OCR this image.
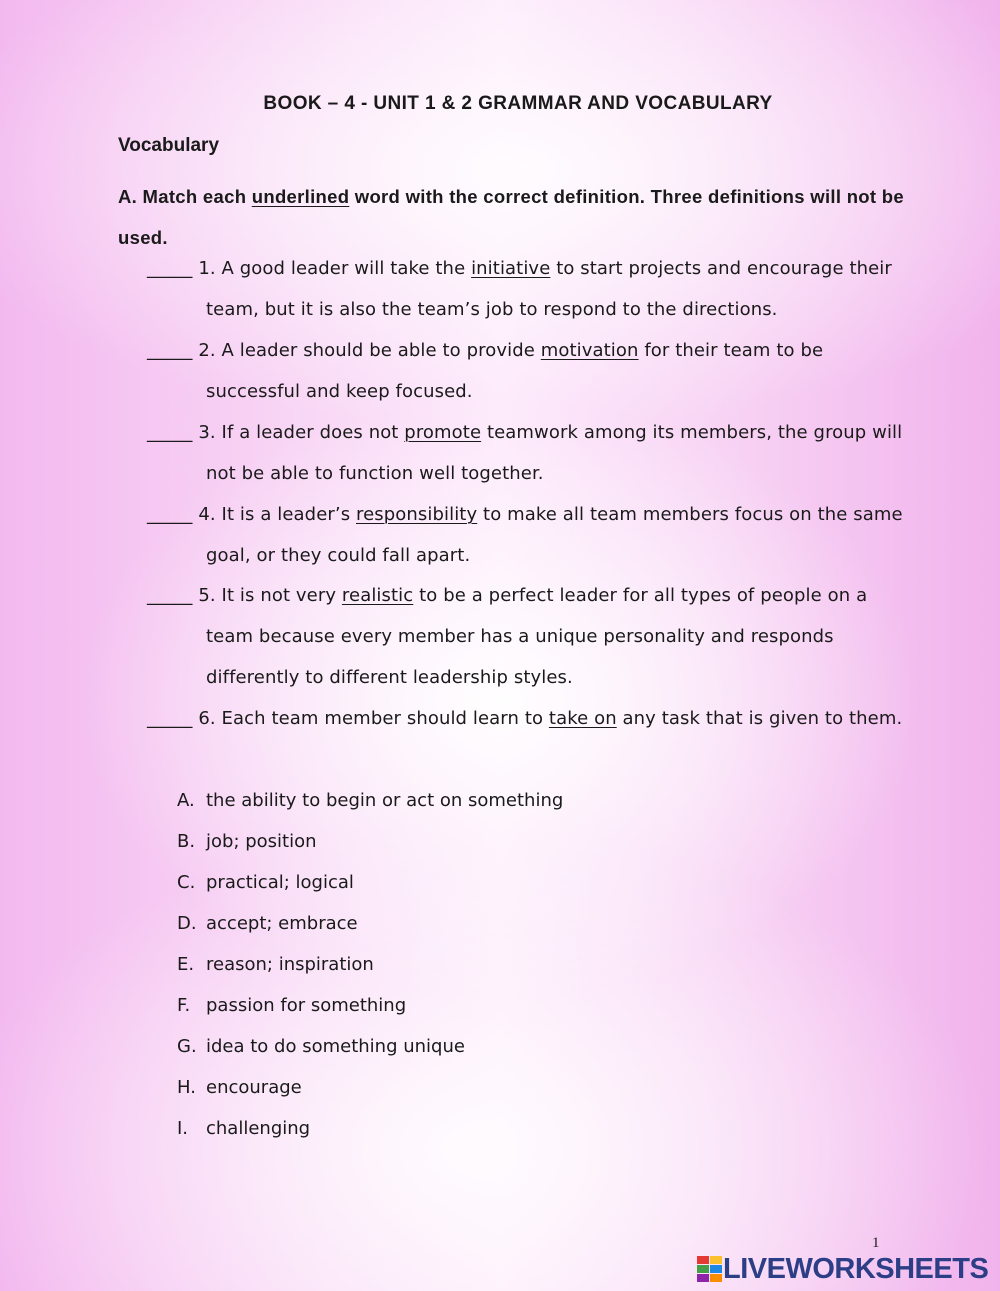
BOOK – 4 - UNIT 1 & 2 GRAMMAR AND VOCABULARY
Vocabulary
A. Match each underlined word with the correct definition. Three definitions will not be used.
_____ 1. A good leader will take the initiative to start projects and encourage their
team, but it is also the team’s job to respond to the directions.
_____ 2. A leader should be able to provide motivation for their team to be
successful and keep focused.
_____ 3. If a leader does not promote teamwork among its members, the group will
not be able to function well together.
_____ 4. It is a leader’s responsibility to make all team members focus on the same
goal, or they could fall apart.
_____ 5. It is not very realistic to be a perfect leader for all types of people on a
team because every member has a unique personality and responds
differently to different leadership styles.
_____ 6. Each team member should learn to take on any task that is given to them.
A. the ability to begin or act on something
B. job; position
C. practical; logical
D. accept; embrace
E. reason; inspiration
F. passion for something
G. idea to do something unique
H. encourage
I. challenging
1
LIVEWORKSHEETS
